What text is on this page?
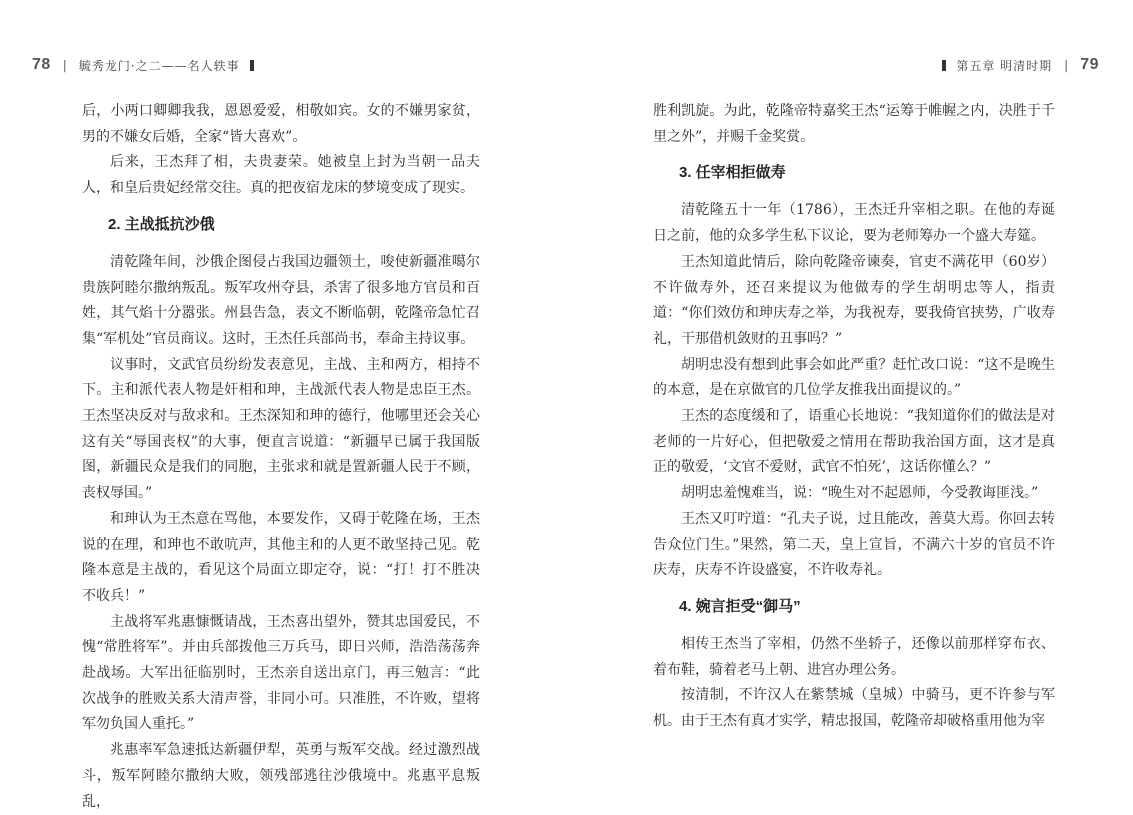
78 | 毓秀龙门·之二——名人轶事

后，小两口卿卿我我，恩恩爱爱，相敬如宾。女的不嫌男家贫，男的不嫌女后婚，全家“皆大喜欢”。

后来，王杰拜了相，夫贵妻荣。她被皇上封为当朝一品夫人，和皇后贵妃经常交往。真的把夜宿龙床的梦境变成了现实。

2. 主战抵抗沙俄

清乾隆年间，沙俄企图侵占我国边疆领土，唆使新疆准噶尔贵族阿睦尔撒纳叛乱。叛军攻州夺县，杀害了很多地方官员和百姓，其气焰十分嚣张。州县告急，表文不断临朝，乾隆帝急忙召集“军机处”官员商议。这时，王杰任兵部尚书，奉命主持议事。

议事时，文武官员纷纷发表意见，主战、主和两方，相持不下。主和派代表人物是奸相和珅，主战派代表人物是忠臣王杰。王杰坚决反对与敌求和。王杰深知和珅的德行，他哪里还会关心这有关“辱国丧权”的大事，便直言说道：“新疆早已属于我国版图，新疆民众是我们的同胞，主张求和就是置新疆人民于不顾，丧权辱国。”

和珅认为王杰意在骂他，本要发作，又碍于乾隆在场，王杰说的在理，和珅也不敢吭声，其他主和的人更不敢坚持己见。乾隆本意是主战的，看见这个局面立即定夺，说：“打！打不胜决不收兵！”

主战将军兆惠慷慨请战，王杰喜出望外，赞其忠国爱民，不愧“常胜将军”。并由兵部拨他三万兵马，即日兴师，浩浩荡荡奔赴战场。大军出征临别时，王杰亲自送出京门，再三勉言：“此次战争的胜败关系大清声誉，非同小可。只准胜，不许败，望将军勿负国人重托。”

兆惠率军急速抵达新疆伊犁，英勇与叛军交战。经过激烈战斗，叛军阿睦尔撒纳大败，领残部逃往沙俄境中。兆惠平息叛乱，

第五章 明清时期 | 79

胜利凯旋。为此，乾隆帝特嘉奖王杰“运筹于帷幄之内，决胜于千里之外”，并赐千金奖赏。

3. 任宰相拒做寿

清乾隆五十一年（1786），王杰迁升宰相之职。在他的寿诞日之前，他的众多学生私下议论，要为老师筹办一个盛大寿筵。

王杰知道此情后，除向乾隆帝谏奏，官吏不满花甲（60岁）不许做寿外，还召来提议为他做寿的学生胡明忠等人，指责道：“你们效仿和珅庆寿之举，为我祝寿，要我倚官挟势，广收寿礼，干那借机敛财的丑事吗？”

胡明忠没有想到此事会如此严重？赶忙改口说：“这不是晚生的本意，是在京做官的几位学友推我出面提议的。”

王杰的态度缓和了，语重心长地说：“我知道你们的做法是对老师的一片好心，但把敬爱之情用在帮助我治国方面，这才是真正的敬爱，‘文官不爱财，武官不怕死’，这话你懂么？”

胡明忠羞愧难当，说：“晚生对不起恩师，今受教诲匪浅。”

王杰又叮咛道：“孔夫子说，过且能改，善莫大焉。你回去转告众位门生。”果然，第二天，皇上宣旨，不满六十岁的官员不许庆寿，庆寿不许设盛宴，不许收寿礼。

4. 婉言拒受“御马”

相传王杰当了宰相，仍然不坐轿子，还像以前那样穿布衣、着布鞋，骑着老马上朝、进宫办理公务。

按清制，不许汉人在紫禁城（皇城）中骑马，更不许参与军机。由于王杰有真才实学，精忠报国，乾隆帝却破格重用他为宰
